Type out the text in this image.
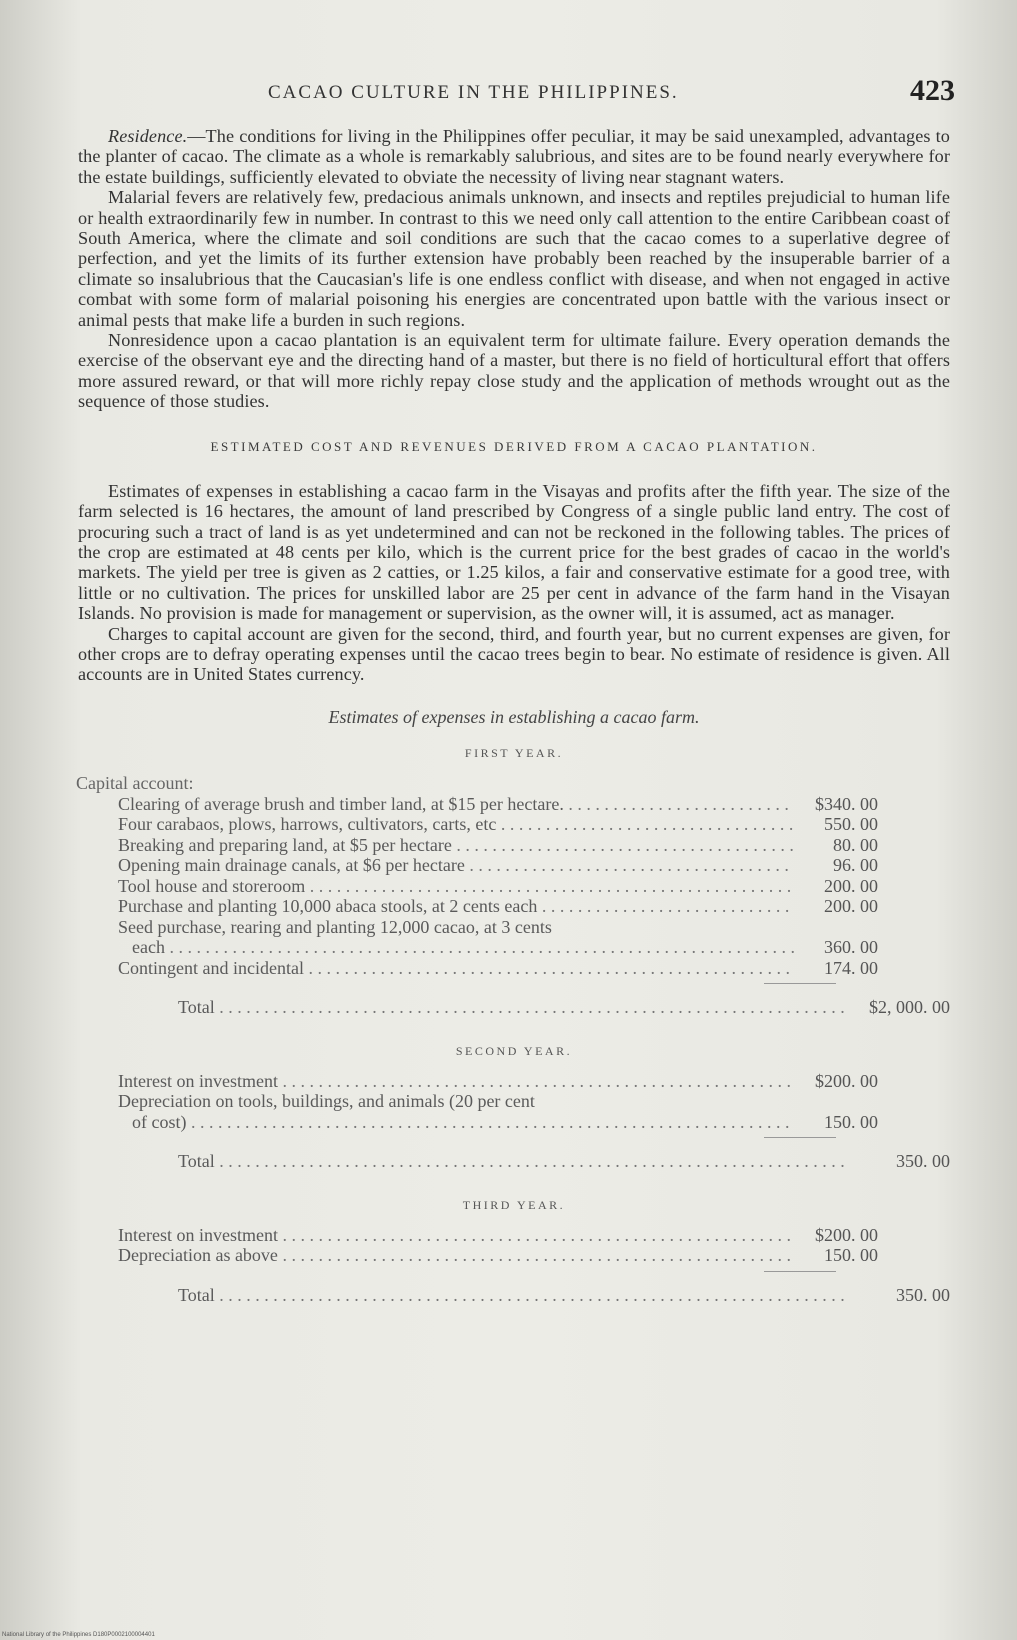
CACAO CULTURE IN THE PHILIPPINES.	423

Residence.—The conditions for living in the Philippines offer peculiar, it may be said unexampled, advantages to the planter of cacao. The climate as a whole is remarkably salubrious, and sites are to be found nearly everywhere for the estate buildings, sufficiently elevated to obviate the necessity of living near stagnant waters.

Malarial fevers are relatively few, predacious animals unknown, and insects and reptiles prejudicial to human life or health extraordinarily few in number. In contrast to this we need only call attention to the entire Caribbean coast of South America, where the climate and soil conditions are such that the cacao comes to a superlative degree of perfection, and yet the limits of its further extension have probably been reached by the insuperable barrier of a climate so insalubrious that the Caucasian's life is one endless conflict with disease, and when not engaged in active combat with some form of malarial poisoning his energies are concentrated upon battle with the various insect or animal pests that make life a burden in such regions.

Nonresidence upon a cacao plantation is an equivalent term for ultimate failure. Every operation demands the exercise of the observant eye and the directing hand of a master, but there is no field of horticultural effort that offers more assured reward, or that will more richly repay close study and the application of methods wrought out as the sequence of those studies.

ESTIMATED COST AND REVENUES DERIVED FROM A CACAO PLANTATION.

Estimates of expenses in establishing a cacao farm in the Visayas and profits after the fifth year. The size of the farm selected is 16 hectares, the amount of land prescribed by Congress of a single public land entry. The cost of procuring such a tract of land is as yet undetermined and can not be reckoned in the following tables. The prices of the crop are estimated at 48 cents per kilo, which is the current price for the best grades of cacao in the world's markets. The yield per tree is given as 2 catties, or 1.25 kilos, a fair and conservative estimate for a good tree, with little or no cultivation. The prices for unskilled labor are 25 per cent in advance of the farm hand in the Visayan Islands. No provision is made for management or supervision, as the owner will, it is assumed, act as manager.

Charges to capital account are given for the second, third, and fourth year, but no current expenses are given, for other crops are to defray operating expenses until the cacao trees begin to bear. No estimate of residence is given. All accounts are in United States currency.

Estimates of expenses in establishing a cacao farm.
FIRST YEAR.
Capital account:
Clearing of average brush and timber land, at $15 per hectare. . . .	$340. 00
Four carabaos, plows, harrows, cultivators, carts, etc . . .	550. 00
Breaking and preparing land, at $5 per hectare . . .	80. 00
Opening main drainage canals, at $6 per hectare . . .	96. 00
Tool house and storeroom . . .	200. 00
Purchase and planting 10,000 abaca stools, at 2 cents each . . .	200. 00
Seed purchase, rearing and planting 12,000 cacao, at 3 cents
each . . .	360. 00
Contingent and incidental . . .	174. 00
Total . . .	$2, 000. 00
SECOND YEAR.
Interest on investment . . .	$200. 00
Depreciation on tools, buildings, and animals (20 per cent
of cost) . . .	150. 00
Total . . .	350. 00
THIRD YEAR.
Interest on investment . . .	$200. 00
Depreciation as above . . .	150. 00
Total . . .	350. 00
National Library of the Philippines D180P0002100004401
